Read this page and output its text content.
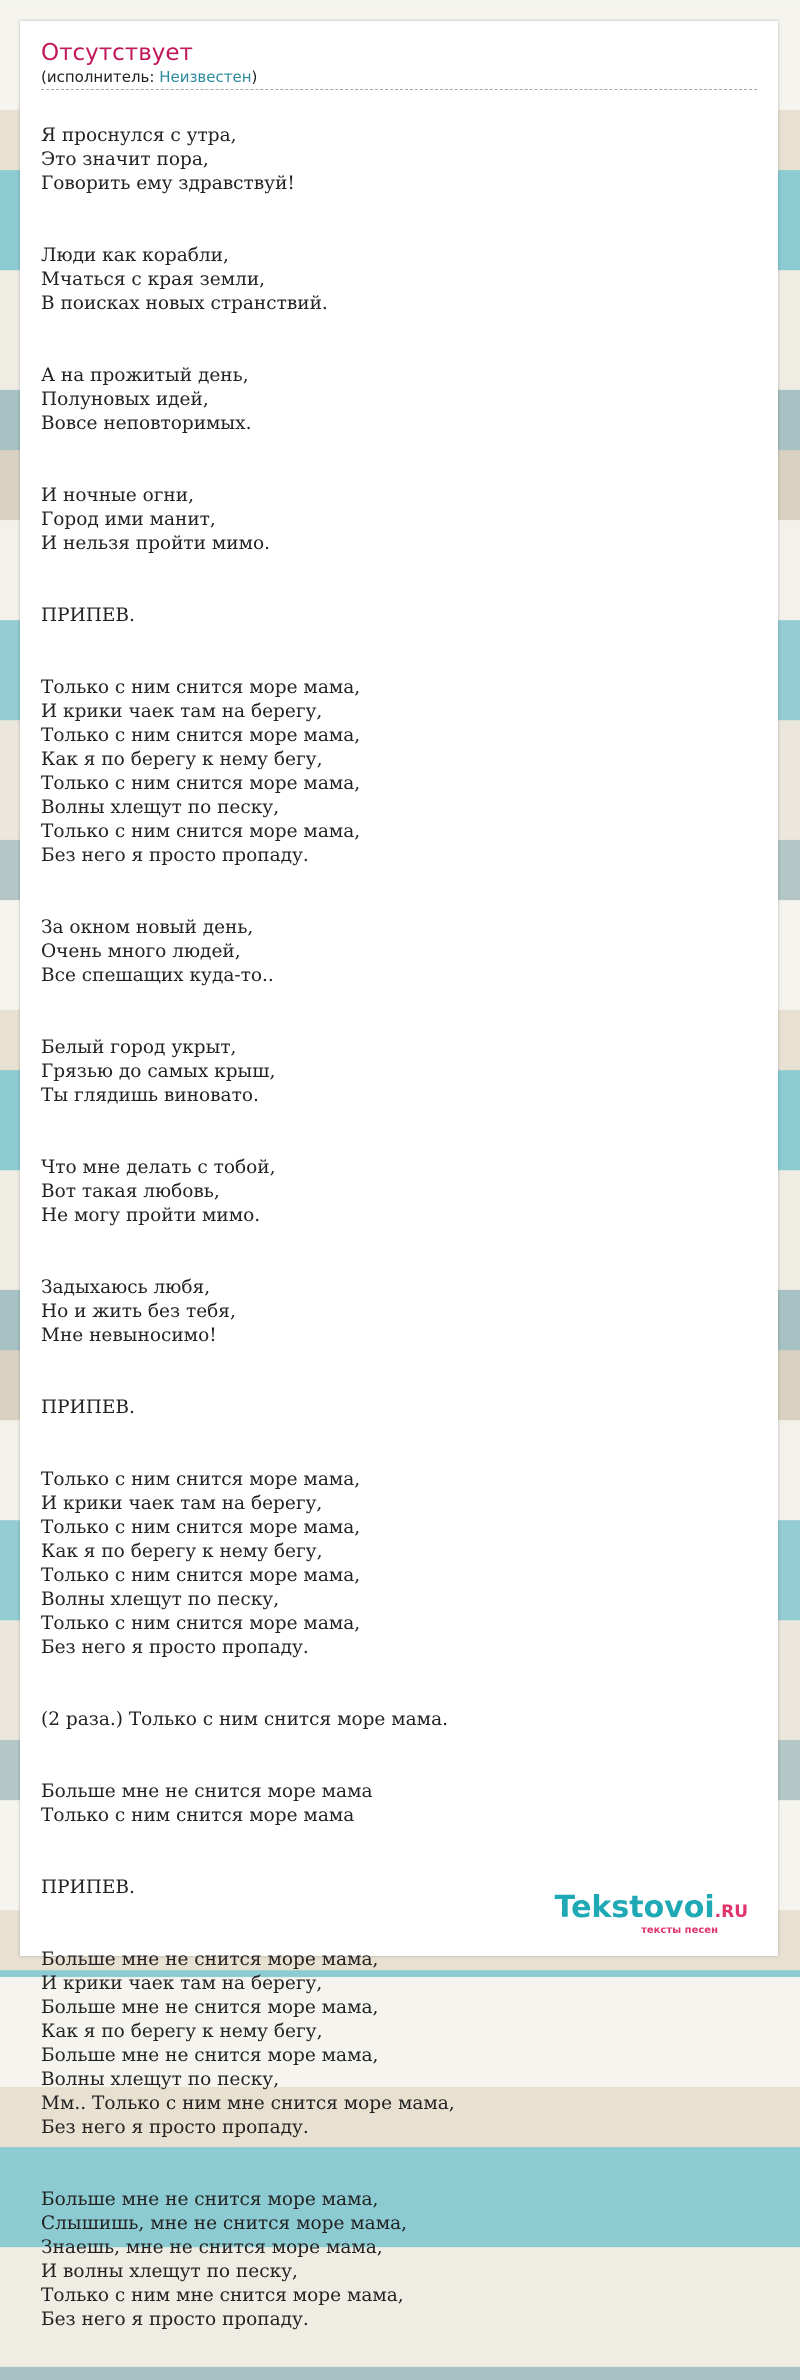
Отсутствует
(исполнитель: Неизвестен)

Я проснулся с утра,
Это значит пора,
Говорить ему здравствуй!

Люди как корабли,
Мчаться с края земли,
В поисках новых странствий.

А на прожитый день,
Полуновых идей,
Вовсе неповторимых.

И ночные огни,
Город ими манит,
И нельзя пройти мимо.

ПРИПЕВ.

Только с ним снится море мама,
И крики чаек там на берегу,
Только с ним снится море мама,
Как я по берегу к нему бегу,
Только с ним снится море мама,
Волны хлещут по песку,
Только с ним снится море мама,
Без него я просто пропаду.

За окном новый день,
Очень много людей,
Все спешащих куда-то..

Белый город укрыт,
Грязью до самых крыш,
Ты глядишь виновато.

Что мне делать с тобой,
Вот такая любовь,
Не могу пройти мимо.

Задыхаюсь любя,
Но и жить без тебя,
Мне невыносимо!

ПРИПЕВ.

Только с ним снится море мама,
И крики чаек там на берегу,
Только с ним снится море мама,
Как я по берегу к нему бегу,
Только с ним снится море мама,
Волны хлещут по песку,
Только с ним снится море мама,
Без него я просто пропаду.

(2 раза.) Только с ним снится море мама.

Больше мне не снится море мама
Только с ним снится море мама

ПРИПЕВ.

Больше мне не снится море мама,
И крики чаек там на берегу,
Больше мне не снится море мама,
Как я по берегу к нему бегу,
Больше мне не снится море мама,
Волны хлещут по песку,
Мм.. Только с ним мне снится море мама,
Без него я просто пропаду.

Больше мне не снится море мама,
Слышишь, мне не снится море мама,
Знаешь, мне не снится море мама,
И волны хлещут по песку,
Только с ним мне снится море мама,
Без него я просто пропаду.

Tekstovoi.RU
тексты песен
